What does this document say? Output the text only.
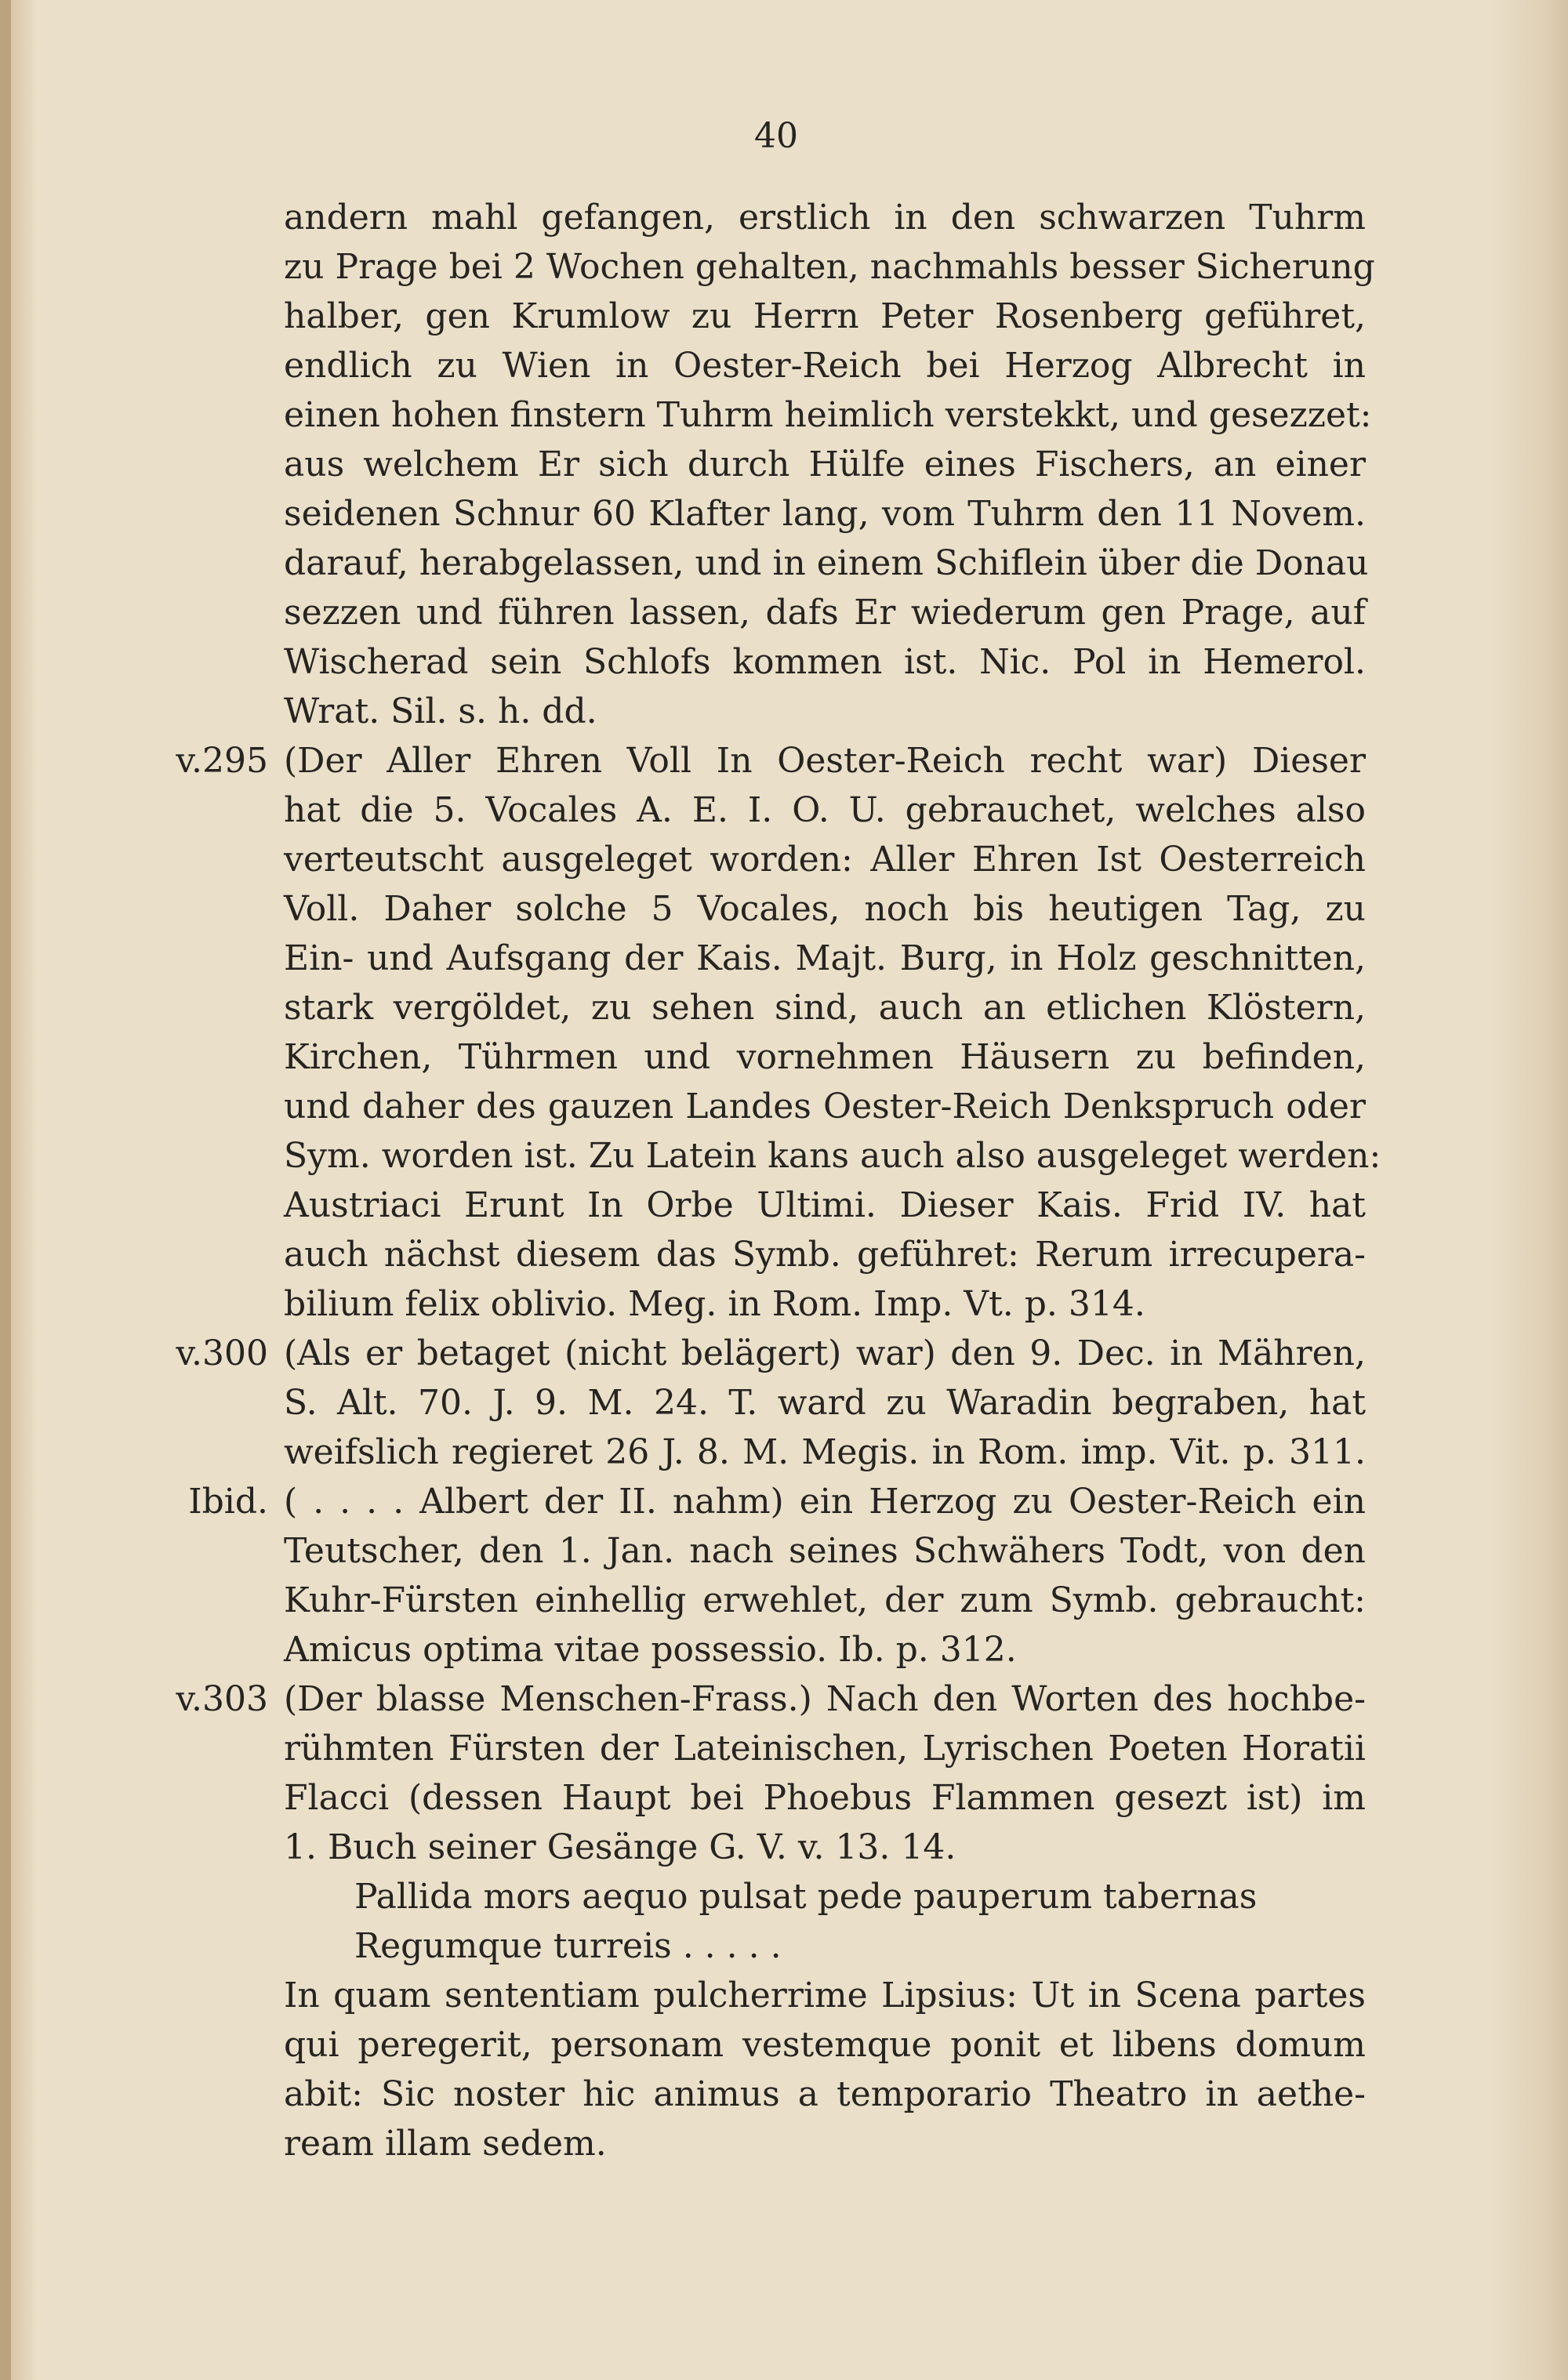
40
andern mahl gefangen, erstlich in den schwarzen Tuhrm
zu Prage bei 2 Wochen gehalten, nachmahls besser Sicherung
halber, gen Krumlow zu Herrn Peter Rosenberg geführet,
endlich zu Wien in Oester-Reich bei Herzog Albrecht in
einen hohen finstern Tuhrm heimlich verstekkt, und gesezzet:
aus welchem Er sich durch Hülfe eines Fischers, an einer
seidenen Schnur 60 Klafter lang, vom Tuhrm den 11 Novem.
darauf, herabgelassen, und in einem Schiflein über die Donau
sezzen und führen lassen, dafs Er wiederum gen Prage, auf
Wischerad sein Schlofs kommen ist. Nic. Pol in Hemerol.
Wrat. Sil. s. h. dd.
v.295 (Der Aller Ehren Voll In Oester-Reich recht war) Dieser
hat die 5. Vocales A. E. I. O. U. gebrauchet, welches also
verteutscht ausgeleget worden: Aller Ehren Ist Oesterreich
Voll. Daher solche 5 Vocales, noch bis heutigen Tag, zu
Ein- und Aufsgang der Kais. Majt. Burg, in Holz geschnitten,
stark vergöldet, zu sehen sind, auch an etlichen Klöstern,
Kirchen, Tührmen und vornehmen Häusern zu befinden,
und daher des gauzen Landes Oester-Reich Denkspruch oder
Sym. worden ist. Zu Latein kans auch also ausgeleget werden:
Austriaci Erunt In Orbe Ultimi. Dieser Kais. Frid IV. hat
auch nächst diesem das Symb. geführet: Rerum irrecupera-
bilium felix oblivio. Meg. in Rom. Imp. Vt. p. 314.
v.300 (Als er betaget (nicht belägert) war) den 9. Dec. in Mähren,
S. Alt. 70. J. 9. M. 24. T. ward zu Waradin begraben, hat
weifslich regieret 26 J. 8. M. Megis. in Rom. imp. Vit. p. 311.
Ibid. ( . . . . Albert der II. nahm) ein Herzog zu Oester-Reich ein
Teutscher, den 1. Jan. nach seines Schwähers Todt, von den
Kuhr-Fürsten einhellig erwehlet, der zum Symb. gebraucht:
Amicus optima vitae possessio. Ib. p. 312.
v.303 (Der blasse Menschen-Frass.) Nach den Worten des hochbe-
rühmten Fürsten der Lateinischen, Lyrischen Poeten Horatii
Flacci (dessen Haupt bei Phoebus Flammen gesezt ist) im
1. Buch seiner Gesänge G. V. v. 13. 14.
Pallida mors aequo pulsat pede pauperum tabernas
Regumque turreis . . . . .
In quam sententiam pulcherrime Lipsius: Ut in Scena partes
qui peregerit, personam vestemque ponit et libens domum
abit: Sic noster hic animus a temporario Theatro in aethe-
ream illam sedem.
